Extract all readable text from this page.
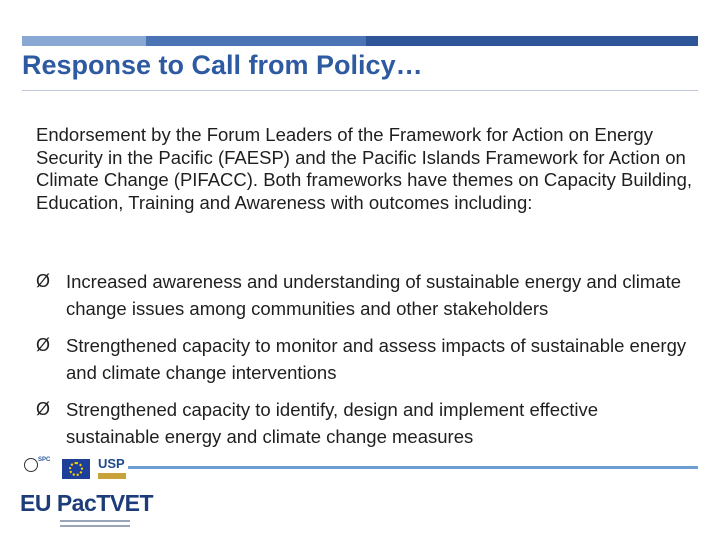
Response to Call from Policy…
Endorsement by the Forum Leaders of the Framework for Action on Energy Security in the Pacific (FAESP) and the Pacific Islands Framework for Action on Climate Change (PIFACC). Both frameworks have themes on Capacity Building, Education, Training and Awareness with outcomes including:
Ø Increased awareness and understanding of sustainable energy and climate change issues among communities and other stakeholders
Ø Strengthened capacity to monitor and assess impacts of sustainable energy and climate change interventions
Ø Strengthened capacity to identify, design and implement effective sustainable energy and climate change measures
SPC	USP
EU PacTVET
